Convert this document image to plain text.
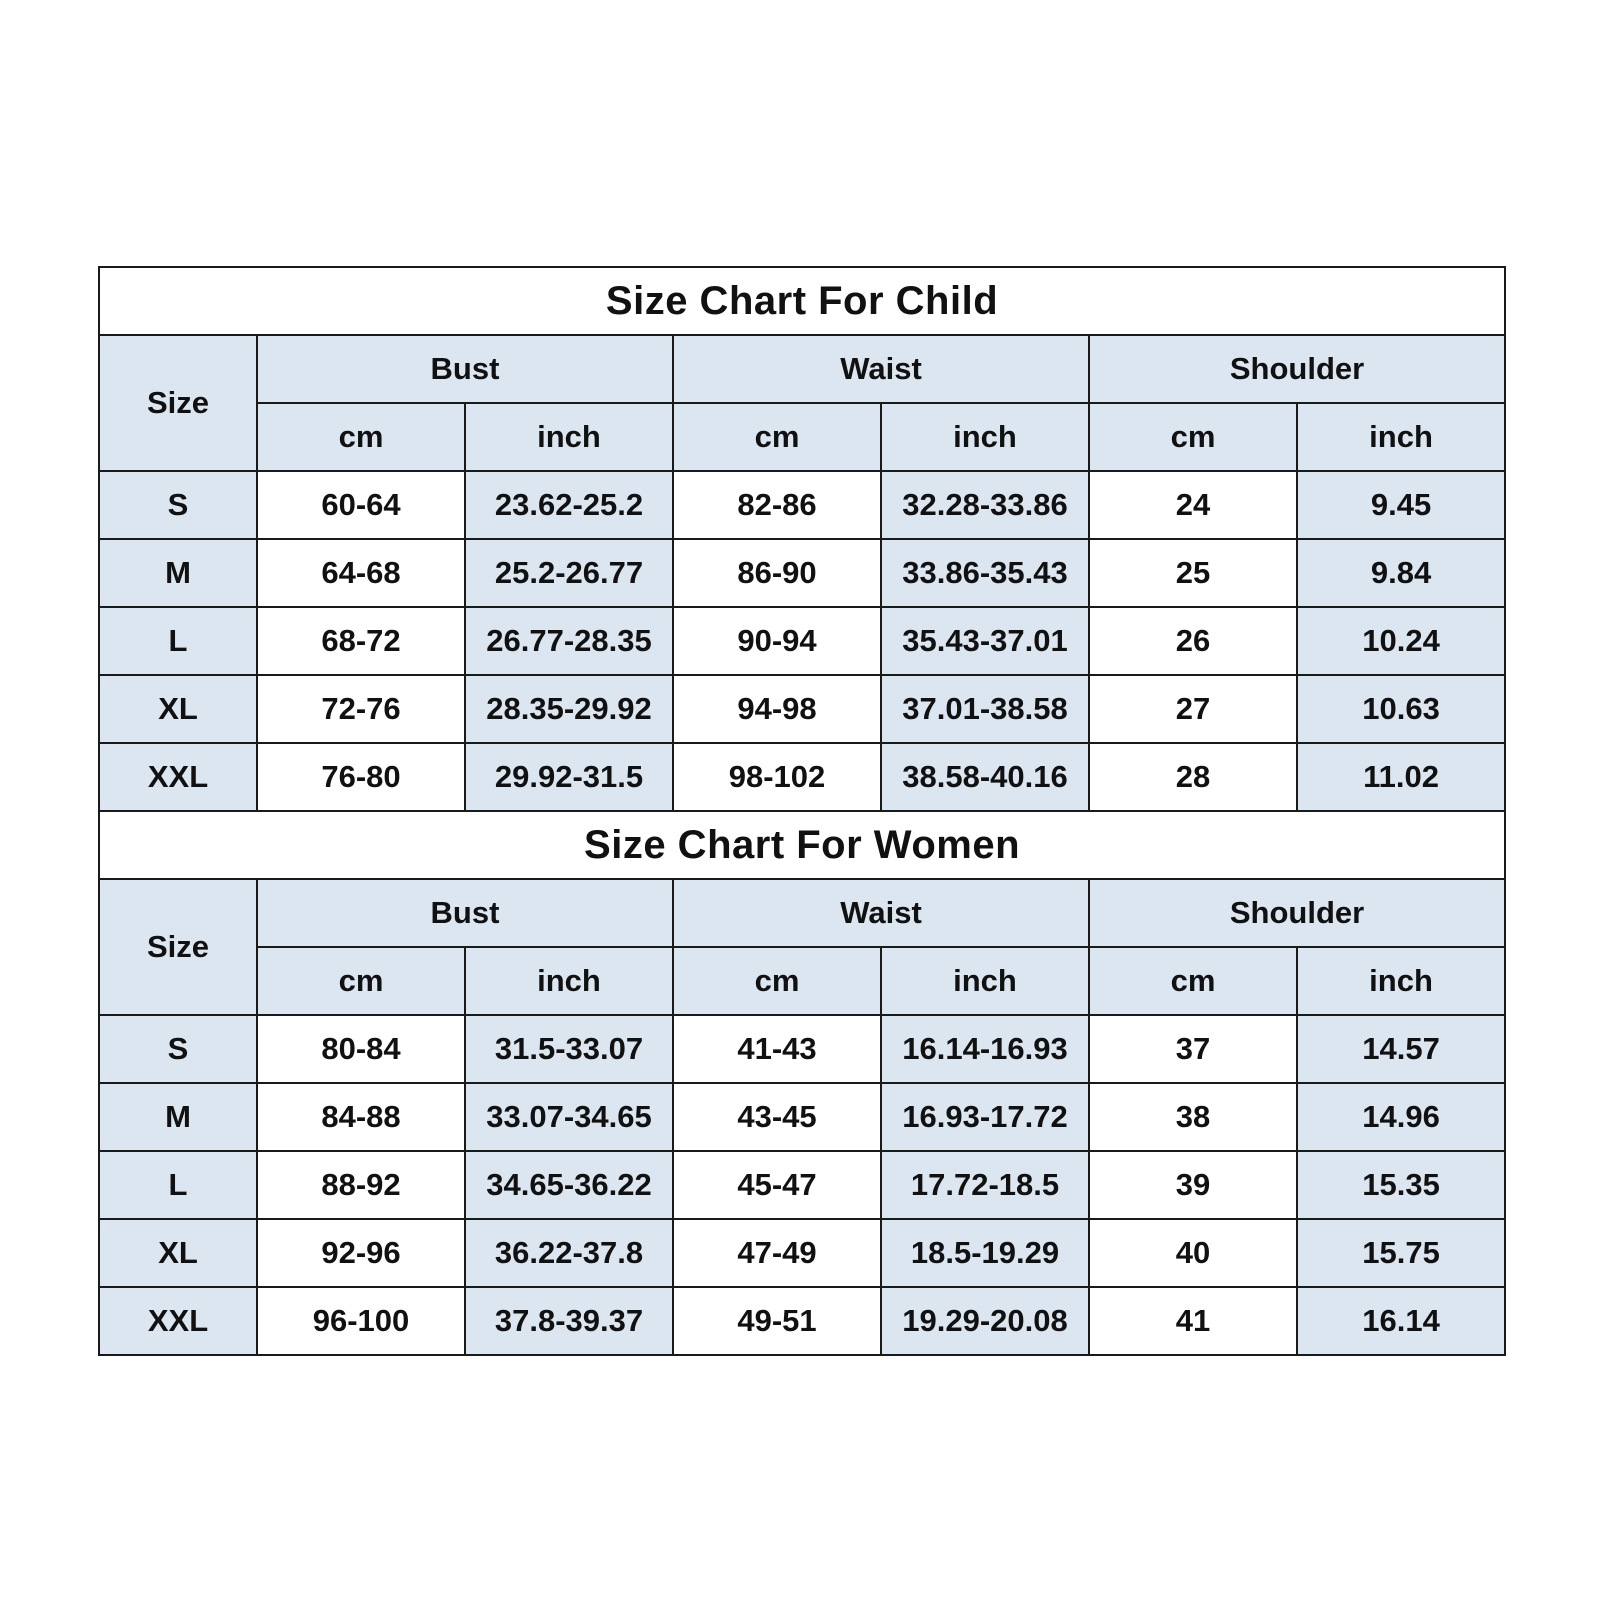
Size Chart For Child						
Size	Bust		Waist		Shoulder	
	cm	inch	cm	inch	cm	inch
S	60-64	23.62-25.2	82-86	32.28-33.86	24	9.45
M	64-68	25.2-26.77	86-90	33.86-35.43	25	9.84
L	68-72	26.77-28.35	90-94	35.43-37.01	26	10.24
XL	72-76	28.35-29.92	94-98	37.01-38.58	27	10.63
XXL	76-80	29.92-31.5	98-102	38.58-40.16	28	11.02
Size Chart For Women						
Size	Bust		Waist		Shoulder	
	cm	inch	cm	inch	cm	inch
S	80-84	31.5-33.07	41-43	16.14-16.93	37	14.57
M	84-88	33.07-34.65	43-45	16.93-17.72	38	14.96
L	88-92	34.65-36.22	45-47	17.72-18.5	39	15.35
XL	92-96	36.22-37.8	47-49	18.5-19.29	40	15.75
XXL	96-100	37.8-39.37	49-51	19.29-20.08	41	16.14
